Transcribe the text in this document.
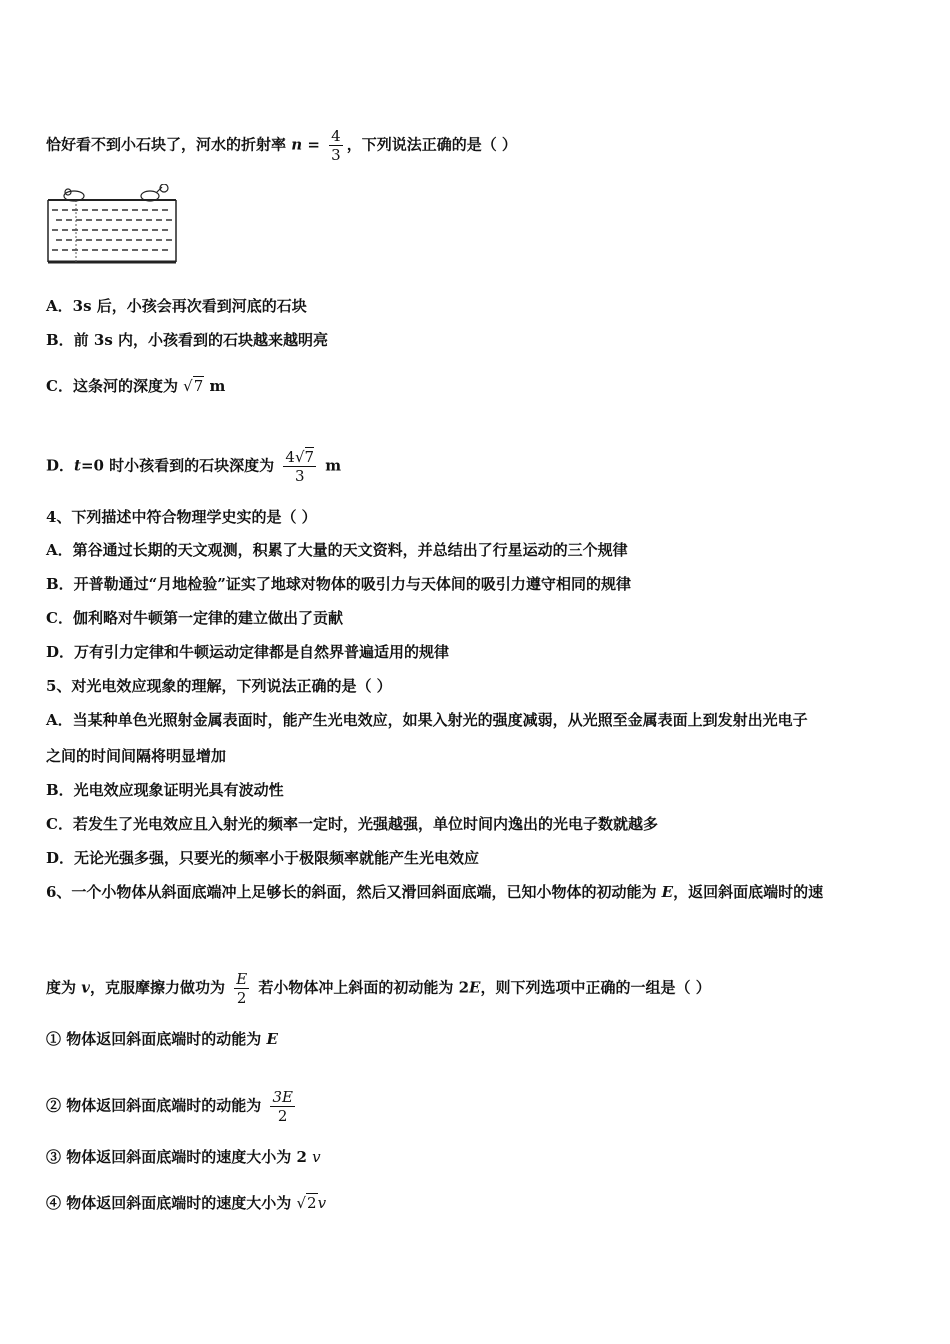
恰好看不到小石块了，河水的折射率 $n = \frac{4}{3}$ ，下列说法正确的是（ ）
A．3s 后，小孩会再次看到河底的石块
B．前 3s 内，小孩看到的石块越来越明亮
C．这条河的深度为 √7 m
D．t=0 时小孩看到的石块深度为 $\frac{4√7}{3}$ m
4、下列描述中符合物理学史实的是（ ）
A．第谷通过长期的天文观测，积累了大量的天文资料，并总结出了行星运动的三个规律
B．开普勒通过“月地检验”证实了地球对物体的吸引力与天体间的吸引力遵守相同的规律
C．伽利略对牛顿第一定律的建立做出了贡献
D．万有引力定律和牛顿运动定律都是自然界普遍适用的规律
5、对光电效应现象的理解，下列说法正确的是（ ）
A．当某种单色光照射金属表面时，能产生光电效应，如果入射光的强度减弱，从光照至金属表面上到发射出光电子
之间的时间间隔将明显增加
B．光电效应现象证明光具有波动性
C．若发生了光电效应且入射光的频率一定时，光强越强，单位时间内逸出的光电子数就越多
D．无论光强多强，只要光的频率小于极限频率就能产生光电效应
6、一个小物体从斜面底端冲上足够长的斜面，然后又滑回斜面底端，已知小物体的初动能为 E，返回斜面底端时的速
度为 v，克服摩擦力做功为 $\frac{E}{2}$ 若小物体冲上斜面的初动能为 2E，则下列选项中正确的一组是（ ）
① 物体返回斜面底端时的动能为 E
② 物体返回斜面底端时的动能为 $\frac{3E}{2}$
③ 物体返回斜面底端时的速度大小为 2 v
④ 物体返回斜面底端时的速度大小为 √2v
